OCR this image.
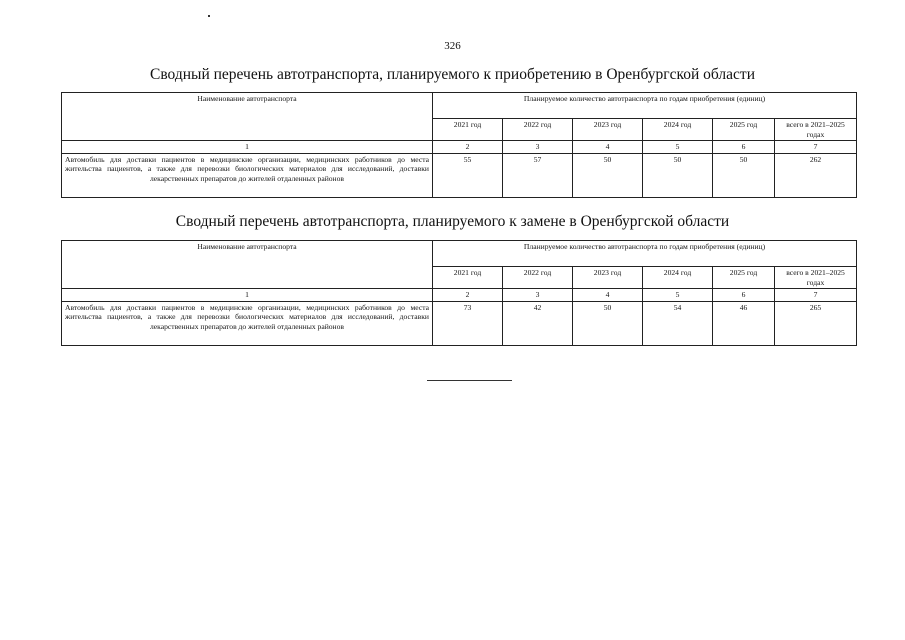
326
Сводный перечень автотранспорта, планируемого к приобретению в Оренбургской области
Наименование автотранспорта	Планируемое количество автотранспорта по годам приобретения (единиц)					
	2021 год	2022 год	2023 год	2024 год	2025 год	всего в 2021–2025 годах
1	2	3	4	5	6	7

Автомобиль для доставки пациентов в медицинские организации, медицинских работников до места жительства пациентов, а также для перевозки биологических материалов для исследований, доставки лекарственных препаратов до жителей отдаленных районов	55	57	50	50	50	262
Сводный перечень автотранспорта, планируемого к замене в Оренбургской области
Наименование автотранспорта	Планируемое количество автотранспорта по годам приобретения (единиц)					
	2021 год	2022 год	2023 год	2024 год	2025 год	всего в 2021–2025 годах
1	2	3	4	5	6	7

Автомобиль для доставки пациентов в медицинские организации, медицинских работников до места жительства пациентов, а также для перевозки биологических материалов для исследований, доставки лекарственных препаратов до жителей отдаленных районов	73	42	50	54	46	265
